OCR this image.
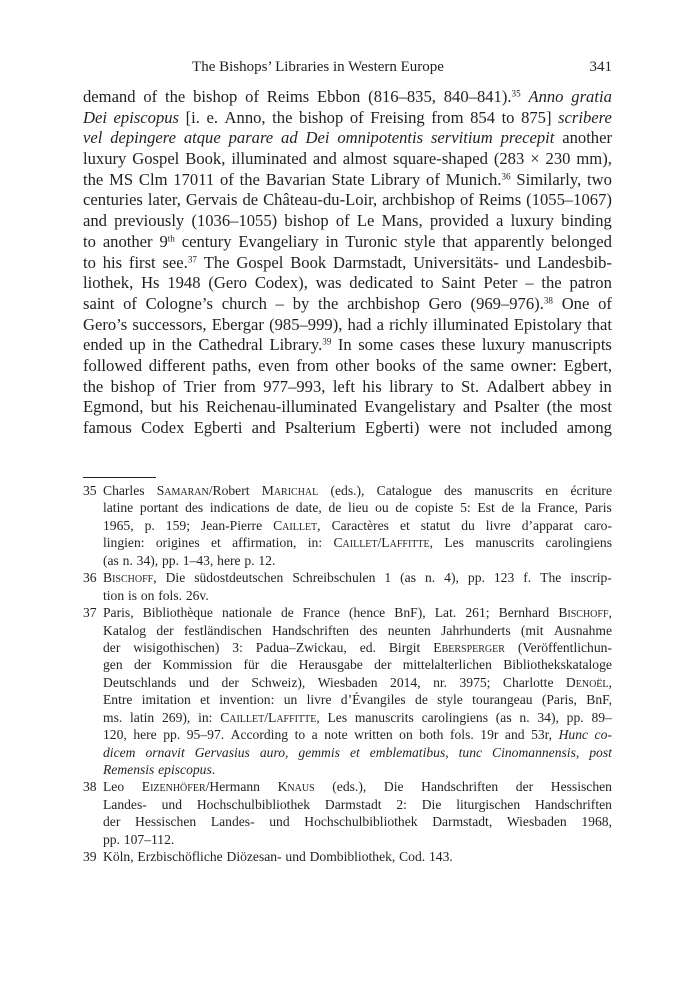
The Bishops’ Libraries in Western Europe	341
demand of the bishop of Reims Ebbon (816–835, 840–841).$^{35}$ Anno gratia
Dei episcopus [i. e. Anno, the bishop of Freising from 854 to 875] scribere
vel depingere atque parare ad Dei omnipotentis servitium precepit another
luxury Gospel Book, illuminated and almost square-shaped (283 × 230 mm),
the MS Clm 17011 of the Bavarian State Library of Munich.$^{36}$ Similarly, two
centuries later, Gervais de Château-du-Loir, archbishop of Reims (1055–1067)
and previously (1036–1055) bishop of Le Mans, provided a luxury binding
to another 9th century Evangeliary in Turonic style that apparently belonged
to his first see.$^{37}$ The Gospel Book Darmstadt, Universitäts- und Landesbib-
liothek, Hs 1948 (Gero Codex), was dedicated to Saint Peter – the patron
saint of Cologne’s church – by the archbishop Gero (969–976).$^{38}$ One of
Gero’s successors, Ebergar (985–999), had a richly illuminated Epistolary that
ended up in the Cathedral Library.$^{39}$ In some cases these luxury manuscripts
followed different paths, even from other books of the same owner: Egbert,
the bishop of Trier from 977–993, left his library to St. Adalbert abbey in
Egmond, but his Reichenau-illuminated Evangelistary and Psalter (the most
famous Codex Egberti and Psalterium Egberti) were not included among
35 Charles Samaran/Robert Marichal (eds.), Catalogue des manuscrits en écriture
latine portant des indications de date, de lieu ou de copiste 5: Est de la France, Paris
1965, p. 159; Jean-Pierre Caillet, Caractères et statut du livre d’apparat caro-
lingien: origines et affirmation, in: Caillet/Laffitte, Les manuscrits carolingiens
(as n. 34), pp. 1–43, here p. 12.
36 Bischoff, Die südostdeutschen Schreibschulen 1 (as n. 4), pp. 123 f. The inscrip-
tion is on fols. 26v.
37 Paris, Bibliothèque nationale de France (hence BnF), Lat. 261; Bernhard Bischoff,
Katalog der festländischen Handschriften des neunten Jahrhunderts (mit Ausnahme
der wisigothischen) 3: Padua–Zwickau, ed. Birgit Ebersperger (Veröffentlichun-
gen der Kommission für die Herausgabe der mittelalterlichen Bibliothekskataloge
Deutschlands und der Schweiz), Wiesbaden 2014, nr. 3975; Charlotte Denoël,
Entre imitation et invention: un livre d’Évangiles de style tourangeau (Paris, BnF,
ms. latin 269), in: Caillet/Laffitte, Les manuscrits carolingiens (as n. 34), pp. 89–
120, here pp. 95–97. According to a note written on both fols. 19r and 53r, Hunc co-
dicem ornavit Gervasius auro, gemmis et emblematibus, tunc Cinomannensis, post
Remensis episcopus.
38 Leo Eizenhöfer/Hermann Knaus (eds.), Die Handschriften der Hessischen
Landes- und Hochschulbibliothek Darmstadt 2: Die liturgischen Handschriften
der Hessischen Landes- und Hochschulbibliothek Darmstadt, Wiesbaden 1968,
pp. 107–112.
39 Köln, Erzbischöfliche Diözesan- und Dombibliothek, Cod. 143.
